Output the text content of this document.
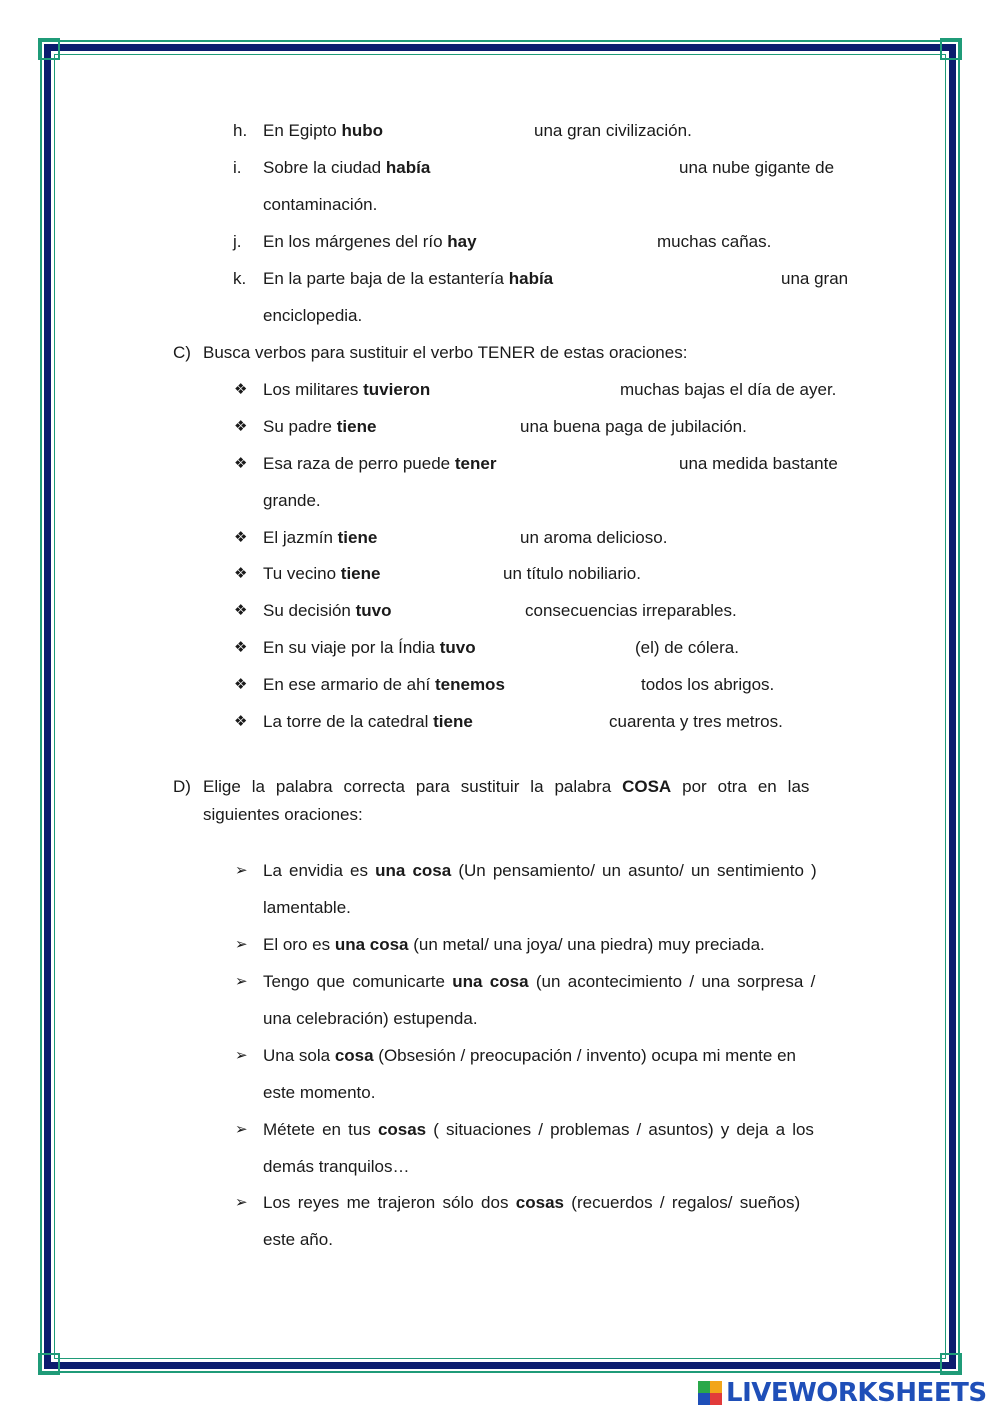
h. En Egipto hubo	una gran civilización.
i. Sobre la ciudad había	una nube gigante de
contaminación.
j. En los márgenes del río hay	muchas cañas.
k. En la parte baja de la estantería había	una gran
enciclopedia.
C) Busca verbos para sustituir el verbo TENER de estas oraciones:
❖ Los militares tuvieron	muchas bajas el día de ayer.
❖ Su padre tiene	una buena paga de jubilación.
❖ Esa raza de perro puede tener	una medida bastante
grande.
❖ El jazmín tiene	un aroma delicioso.
❖ Tu vecino tiene	un título nobiliario.
❖ Su decisión tuvo	consecuencias irreparables.
❖ En su viaje por la Índia tuvo	(el) de cólera.
❖ En ese armario de ahí tenemos	todos los abrigos.
❖ La torre de la catedral tiene	cuarenta y tres metros.
D) Elige la palabra correcta para sustituir la palabra COSA por otra en las
siguientes oraciones:
➢ La envidia es una cosa (Un pensamiento/ un asunto/ un sentimiento )
lamentable.
➢ El oro es una cosa (un metal/ una joya/ una piedra) muy preciada.
➢ Tengo que comunicarte una cosa (un acontecimiento / una sorpresa /
una celebración) estupenda.
➢ Una sola cosa (Obsesión / preocupación / invento) ocupa mi mente en
este momento.
➢ Métete en tus cosas ( situaciones / problemas / asuntos) y deja a los
demás tranquilos…
➢ Los reyes me trajeron sólo dos cosas (recuerdos / regalos/ sueños)
este año.
LIVEWORKSHEETS
